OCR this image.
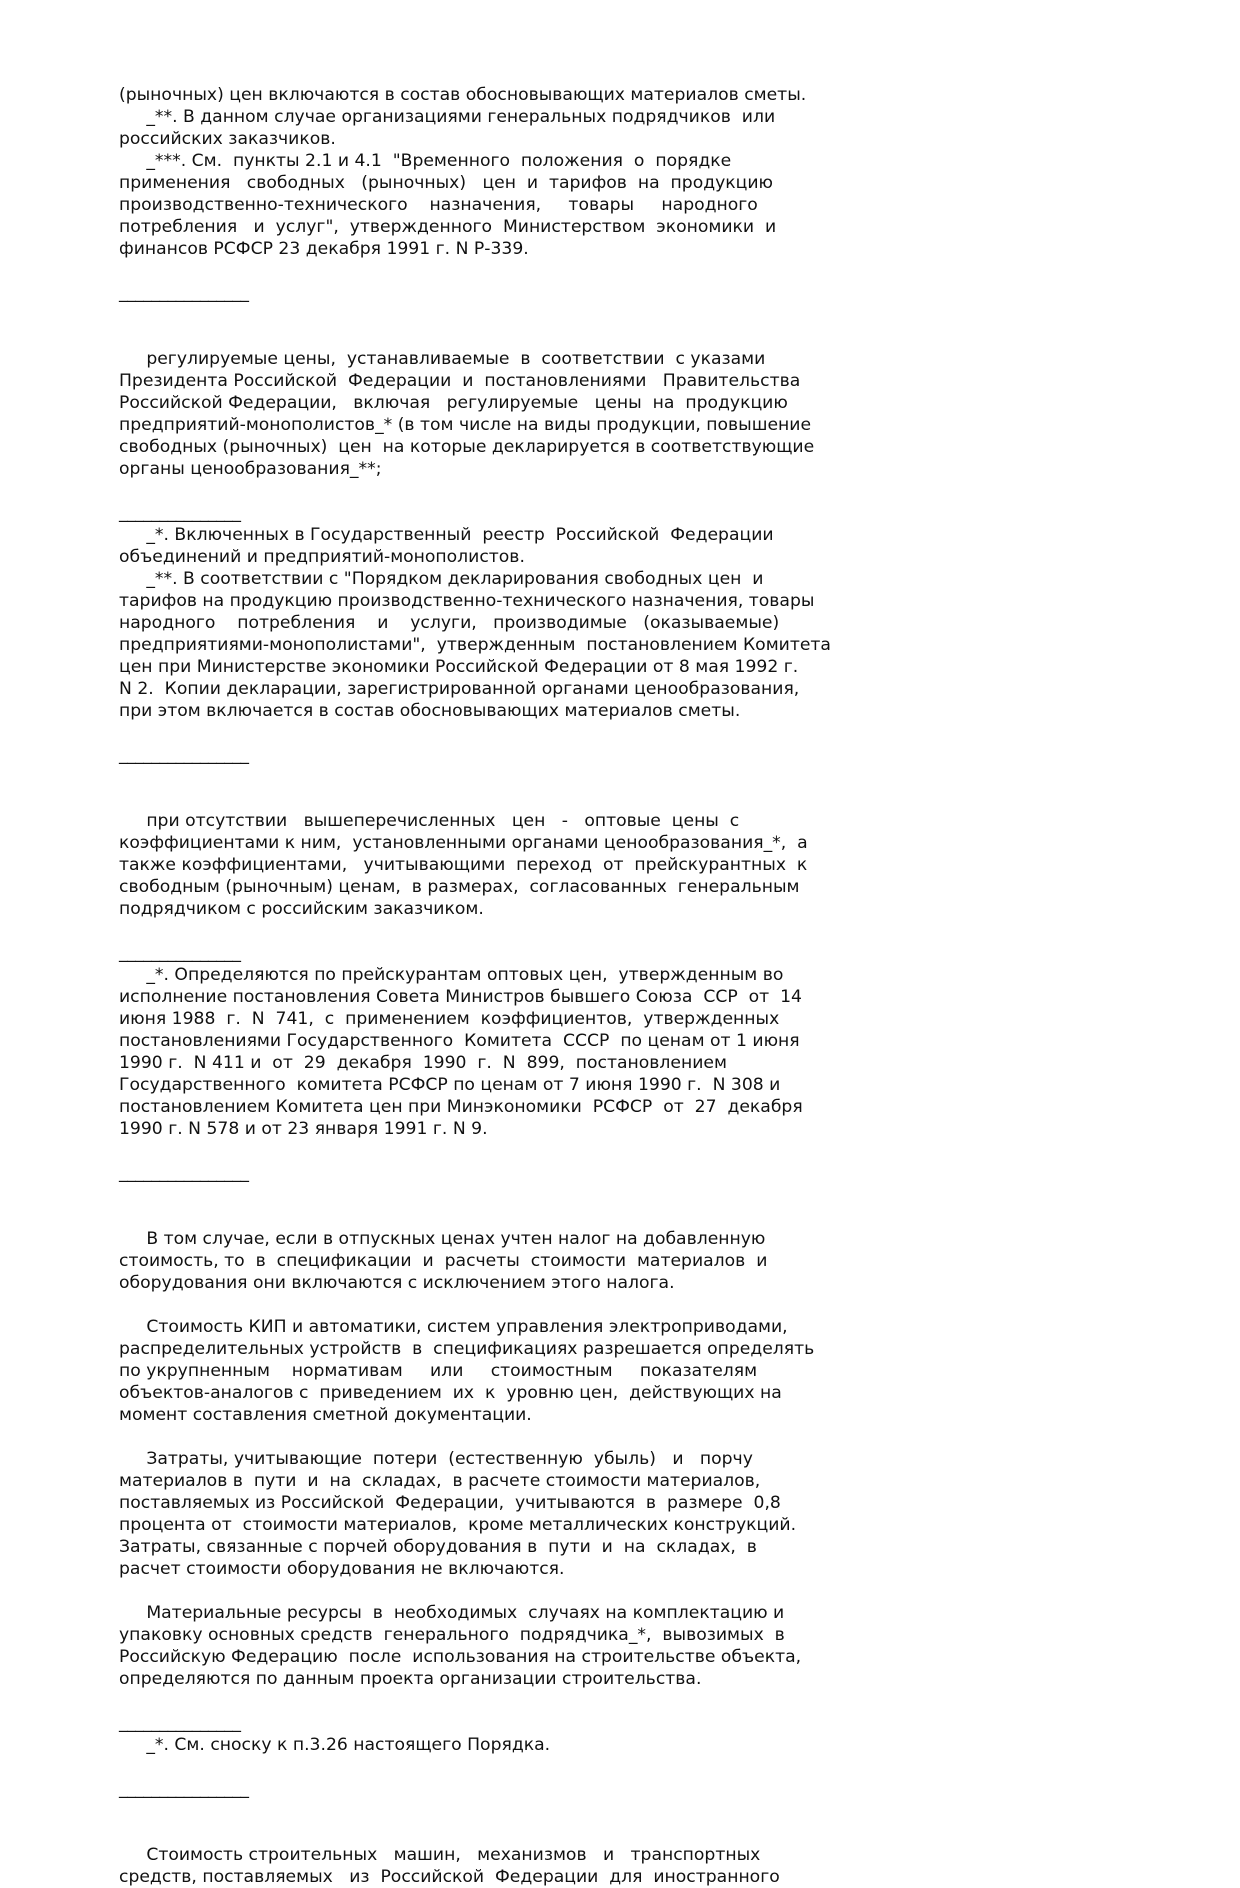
(рыночных) цен включаются в состав обосновывающих материалов сметы.
_**. В данном случае организациями генеральных подрядчиков  или
российских заказчиков.
_***. См.  пункты 2.1 и 4.1  "Временного  положения  о  порядке
применения   свободных   (рыночных)   цен  и  тарифов  на  продукцию
производственно-технического    назначения,     товары     народного
потребления   и  услуг",  утвержденного  Министерством  экономики  и
финансов РСФСР 23 декабря 1991 г. N Р-339.
________________
регулируемые цены,  устанавливаемые  в  соответствии  с указами
Президента Российской  Федерации  и  постановлениями   Правительства
Российской Федерации,   включая   регулируемые   цены  на  продукцию
предприятий-монополистов_* (в том числе на виды продукции, повышение
свободных (рыночных)  цен  на которые декларируется в соответствующие
органы ценообразования_**;
_______________
_*. Включенных в Государственный  реестр  Российской  Федерации
объединений и предприятий-монополистов.
_**. В соответствии с "Порядком декларирования свободных цен  и
тарифов на продукцию производственно-технического назначения, товары
народного    потребления    и    услуги,   производимые   (оказываемые)
предприятиями-монополистами",  утвержденным  постановлением Комитета
цен при Министерстве экономики Российской Федерации от 8 мая 1992 г.
N 2.  Копии декларации, зарегистрированной органами ценообразования,
при этом включается в состав обосновывающих материалов сметы.
________________
при отсутствии   вышеперечисленных   цен   -   оптовые  цены  с
коэффициентами к ним,  установленными органами ценообразования_*,  а
также коэффициентами,   учитывающими  переход  от  прейскурантных  к
свободным (рыночным) ценам,  в размерах,  согласованных  генеральным
подрядчиком с российским заказчиком.
_______________
_*. Определяются по прейскурантам оптовых цен,  утвержденным во
исполнение постановления Совета Министров бывшего Союза  ССР  от  14
июня 1988  г.  N  741,  с  применением  коэффициентов,  утвержденных
постановлениями Государственного  Комитета  СССР  по ценам от 1 июня
1990 г.  N 411 и  от  29  декабря  1990  г.  N  899,  постановлением
Государственного  комитета РСФСР по ценам от 7 июня 1990 г.  N 308 и
постановлением Комитета цен при Минэкономики  РСФСР  от  27  декабря
1990 г. N 578 и от 23 января 1991 г. N 9.
________________
В том случае, если в отпускных ценах учтен налог на добавленную
стоимость, то  в  спецификации  и  расчеты  стоимости  материалов  и
оборудования они включаются с исключением этого налога.
Стоимость КИП и автоматики, систем управления электроприводами,
распределительных устройств  в  спецификациях разрешается определять
по укрупненным    нормативам     или     стоимостным     показателям
объектов-аналогов с  приведением  их  к  уровню цен,  действующих на
момент составления сметной документации.
Затраты, учитывающие  потери  (естественную  убыль)   и   порчу
материалов в  пути  и  на  складах,  в расчете стоимости материалов,
поставляемых из Российской  Федерации,  учитываются  в  размере  0,8
процента от  стоимости материалов,  кроме металлических конструкций.
Затраты, связанные с порчей оборудования в  пути  и  на  складах,  в
расчет стоимости оборудования не включаются.
Материальные ресурсы  в  необходимых  случаях на комплектацию и
упаковку основных средств  генерального  подрядчика_*,  вывозимых  в
Российскую Федерацию  после  использования на строительстве объекта,
определяются по данным проекта организации строительства.
_______________
_*. См. сноску к п.3.26 настоящего Порядка.
________________
Стоимость строительных   машин,   механизмов   и   транспортных
средств, поставляемых   из  Российской  Федерации  для  иностранного
